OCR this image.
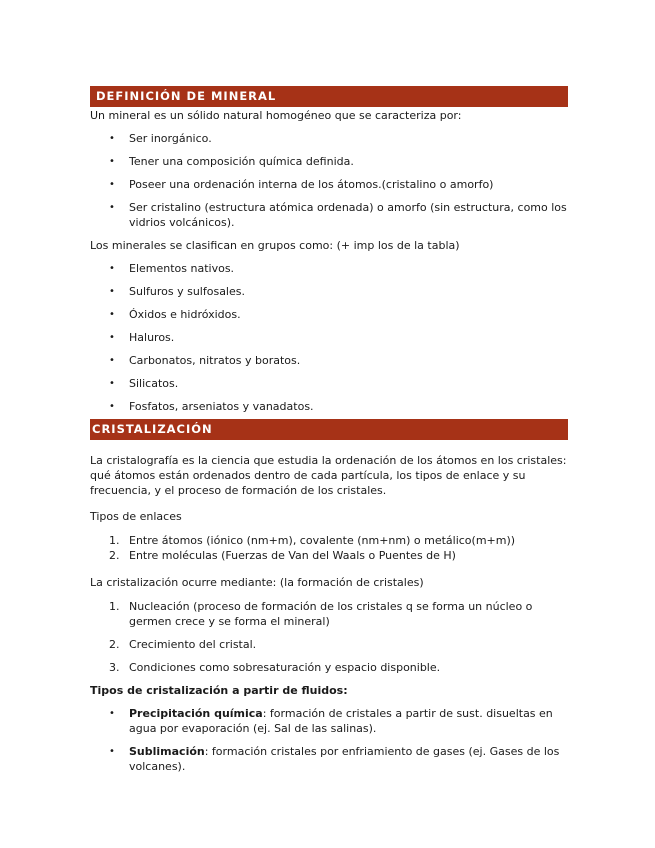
DEFINICIÓN DE MINERAL

Un mineral es un sólido natural homogéneo que se caracteriza por:

• Ser inorgánico.
• Tener una composición química definida.
• Poseer una ordenación interna de los átomos.(cristalino o amorfo)
• Ser cristalino (estructura atómica ordenada) o amorfo (sin estructura, como los vidrios volcánicos).

Los minerales se clasifican en grupos como: (+ imp los de la tabla)

• Elementos nativos.
• Sulfuros y sulfosales.
• Óxidos e hidróxidos.
• Haluros.
• Carbonatos, nitratos y boratos.
• Silicatos.
• Fosfatos, arseniatos y vanadatos.
CRISTALIZACIÓN

La cristalografía es la ciencia que estudia la ordenación de los átomos en los cristales: qué átomos están ordenados dentro de cada partícula, los tipos de enlace y su frecuencia, y el proceso de formación de los cristales.

Tipos de enlaces

1. Entre átomos (iónico (nm+m), covalente (nm+nm) o metálico(m+m))
2. Entre moléculas (Fuerzas de Van del Waals o Puentes de H)

La cristalización ocurre mediante: (la formación de cristales)

1. Nucleación (proceso de formación de los cristales q se forma un núcleo o germen crece y se forma el mineral)
2. Crecimiento del cristal.
3. Condiciones como sobresaturación y espacio disponible.

Tipos de cristalización a partir de fluidos:

• Precipitación química: formación de cristales a partir de sust. disueltas en agua por evaporación (ej. Sal de las salinas).
• Sublimación: formación cristales por enfriamiento de gases (ej. Gases de los volcanes).
